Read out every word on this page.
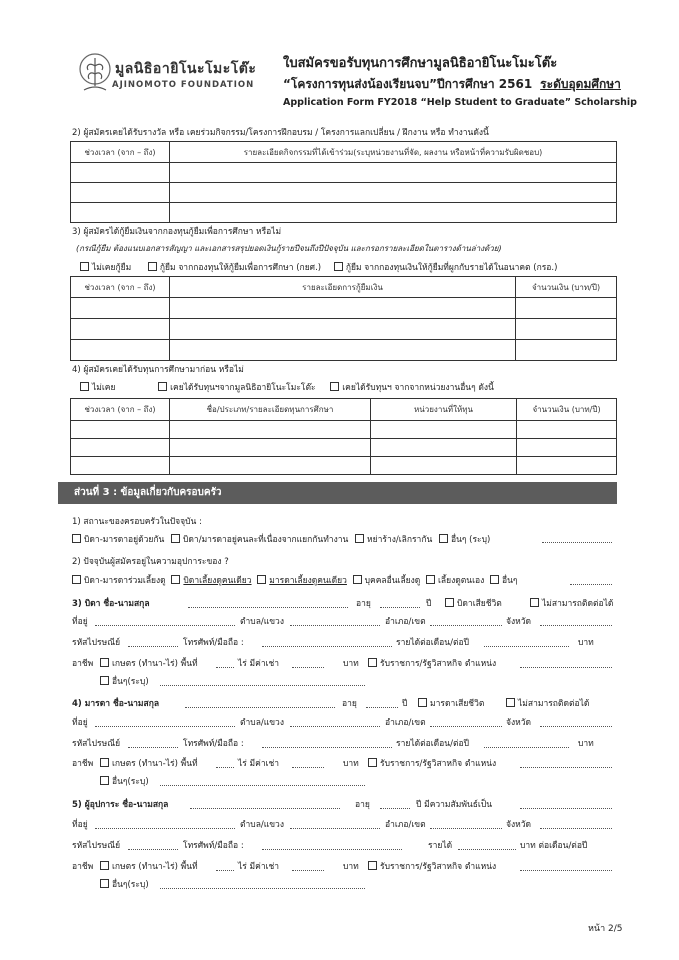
มูลนิธิอายิโนะโมะโต๊ะ
AJINOMOTO FOUNDATION
ใบสมัครขอรับทุนการศึกษามูลนิธิอายิโนะโมะโต๊ะ
“โครงการทุนส่งน้องเรียนจบ”ปีการศึกษา 2561 ระดับอุดมศึกษา
Application Form FY2018 “Help Student to Graduate” Scholarship
2) ผู้สมัครเคยได้รับรางวัล หรือ เคยร่วมกิจกรรม/โครงการฝึกอบรม / โครงการแลกเปลี่ยน / ฝึกงาน หรือ ทำงานดังนี้
ช่วงเวลา (จาก – ถึง)	รายละเอียดกิจกรรมที่ได้เข้าร่วม(ระบุหน่วยงานที่จัด, ผลงาน หรือหน้าที่ความรับผิดชอบ)

3) ผู้สมัครได้กู้ยืมเงินจากกองทุนกู้ยืมเพื่อการศึกษา หรือไม่
(กรณีกู้ยืม ต้องแนบเอกสารสัญญา และเอกสารสรุปยอดเงินกู้รายปีจนถึงปีปัจจุบัน และกรอกรายละเอียดในตารางด้านล่างด้วย)
ไม่เคยกู้ยืม	กู้ยืม จากกองทุนให้กู้ยืมเพื่อการศึกษา (กยศ.)	กู้ยืม จากกองทุนเงินให้กู้ยืมที่ผูกกับรายได้ในอนาคต (กรอ.)
ช่วงเวลา (จาก – ถึง)	รายละเอียดการกู้ยืมเงิน	จำนวนเงิน (บาท/ปี)

4) ผู้สมัครเคยได้รับทุนการศึกษามาก่อน หรือไม่
ไม่เคย	เคยได้รับทุนฯจากมูลนิธิอายิโนะโมะโต๊ะ	เคยได้รับทุนฯ จากจากหน่วยงานอื่นๆ ดังนี้
ช่วงเวลา (จาก – ถึง)	ชื่อ/ประเภท/รายละเอียดทุนการศึกษา	หน่วยงานที่ให้ทุน	จำนวนเงิน (บาท/ปี)

ส่วนที่ 3 : ข้อมูลเกี่ยวกับครอบครัว
1) สถานะของครอบครัวในปัจจุบัน :
บิดา-มารดาอยู่ด้วยกัน บิดา/มารดาอยู่คนละที่เนื่องจากแยกกันทำงาน หย่าร้าง/เลิกรากัน อื่นๆ (ระบุ)
2) ปัจจุบันผู้สมัครอยู่ในความอุปการะของ ?
บิดา-มารดาร่วมเลี้ยงดู บิดาเลี้ยงดูคนเดียว มารดาเลี้ยงดูคนเดียว บุคคลอื่นเลี้ยงดู เลี้ยงดูตนเอง อื่นๆ
3) บิดา ชื่อ-นามสกุล	อายุ	ปี	บิดาเสียชีวิต	ไม่สามารถติดต่อได้
ที่อยู่	ตำบล/แขวง	อำเภอ/เขต	จังหวัด
รหัสไปรษณีย์	โทรศัพท์/มือถือ :	รายได้ต่อเดือน/ต่อปี	บาท
อาชีพ เกษตร (ทำนา-ไร่) พื้นที่	ไร่ มีค่าเช่า	บาท	รับราชการ/รัฐวิสาหกิจ ตำแหน่ง
อื่นๆ(ระบุ)
4) มารดา ชื่อ-นามสกุล	อายุ	ปี	มารดาเสียชีวิต	ไม่สามารถติดต่อได้
ที่อยู่	ตำบล/แขวง	อำเภอ/เขต	จังหวัด
รหัสไปรษณีย์	โทรศัพท์/มือถือ :	รายได้ต่อเดือน/ต่อปี	บาท
อาชีพ เกษตร (ทำนา-ไร่) พื้นที่	ไร่ มีค่าเช่า	บาท	รับราชการ/รัฐวิสาหกิจ ตำแหน่ง
อื่นๆ(ระบุ)
5) ผู้อุปการะ ชื่อ-นามสกุล	อายุ	ปี มีความสัมพันธ์เป็น
ที่อยู่	ตำบล/แขวง	อำเภอ/เขต	จังหวัด
รหัสไปรษณีย์	โทรศัพท์/มือถือ :	รายได้	บาท ต่อเดือน/ต่อปี
อาชีพ เกษตร (ทำนา-ไร่) พื้นที่	ไร่ มีค่าเช่า	บาท	รับราชการ/รัฐวิสาหกิจ ตำแหน่ง
อื่นๆ(ระบุ)
หน้า 2/5
